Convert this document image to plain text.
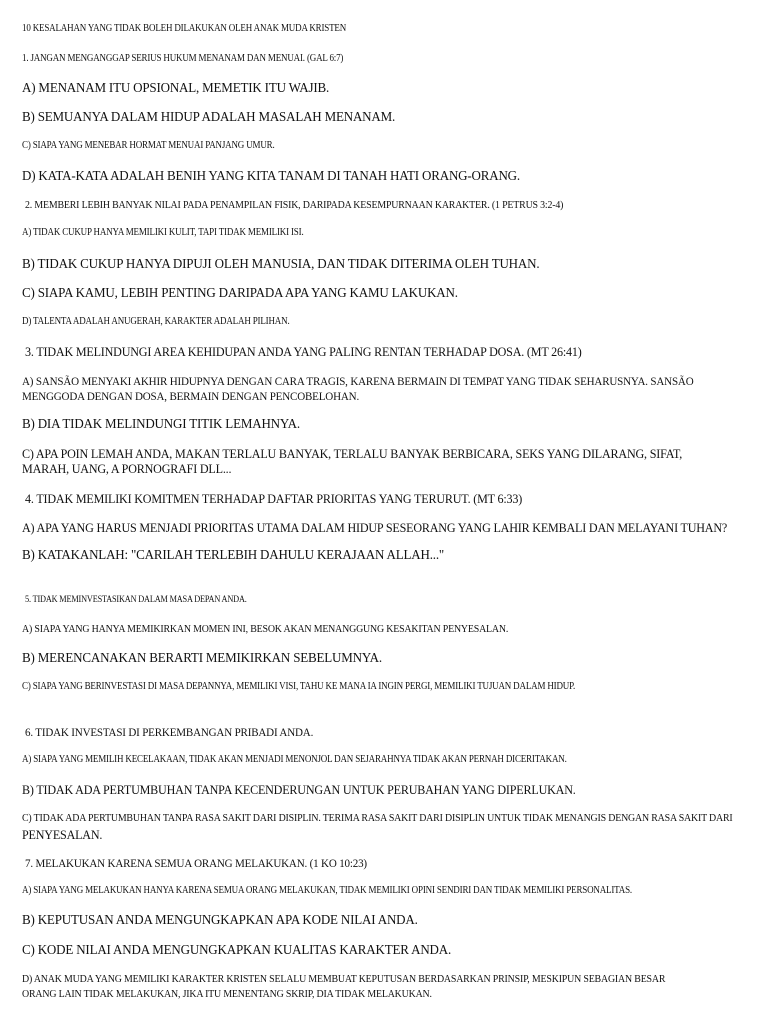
10 KESALAHAN YANG TIDAK BOLEH DILAKUKAN OLEH ANAK MUDA KRISTEN

1. JANGAN MENGANGGAP SERIUS HUKUM MENANAM DAN MENUAI. (GAL 6:7)

A) MENANAM ITU OPSIONAL, MEMETIK ITU WAJIB.

B) SEMUANYA DALAM HIDUP ADALAH MASALAH MENANAM.

C) SIAPA YANG MENEBAR HORMAT MENUAI PANJANG UMUR.

D) KATA-KATA ADALAH BENIH YANG KITA TANAM DI TANAH HATI ORANG-ORANG.

2. MEMBERI LEBIH BANYAK NILAI PADA PENAMPILAN FISIK, DARIPADA KESEMPURNAAN KARAKTER. (1 PETRUS 3:2-4)

A) TIDAK CUKUP HANYA MEMILIKI KULIT, TAPI TIDAK MEMILIKI ISI.

B) TIDAK CUKUP HANYA DIPUJI OLEH MANUSIA, DAN TIDAK DITERIMA OLEH TUHAN.

C) SIAPA KAMU, LEBIH PENTING DARIPADA APA YANG KAMU LAKUKAN.

D) TALENTA ADALAH ANUGERAH, KARAKTER ADALAH PILIHAN.

3. TIDAK MELINDUNGI AREA KEHIDUPAN ANDA YANG PALING RENTAN TERHADAP DOSA. (MT 26:41)

A) SANSÃO MENYAKI AKHIR HIDUPNYA DENGAN CARA TRAGIS, KARENA BERMAIN DI TEMPAT YANG TIDAK SEHARUSNYA. SANSÃO MENGGODA DENGAN DOSA, BERMAIN DENGAN PENCOBELOHAN.

B) DIA TIDAK MELINDUNGI TITIK LEMAHNYA.

C) APA POIN LEMAH ANDA, MAKAN TERLALU BANYAK, TERLALU BANYAK BERBICARA, SEKS YANG DILARANG, SIFAT, MARAH, UANG, A PORNOGRAFI DLL...

4. TIDAK MEMILIKI KOMITMEN TERHADAP DAFTAR PRIORITAS YANG TERURUT. (MT 6:33)

A) APA YANG HARUS MENJADI PRIORITAS UTAMA DALAM HIDUP SESEORANG YANG LAHIR KEMBALI DAN MELAYANI TUHAN?

B) KATAKANLAH: "CARILAH TERLEBIH DAHULU KERAJAAN ALLAH..."

5. TIDAK MEMINVESTASIKAN DALAM MASA DEPAN ANDA.

A) SIAPA YANG HANYA MEMIKIRKAN MOMEN INI, BESOK AKAN MENANGGUNG KESAKITAN PENYESALAN.

B) MERENCANAKAN BERARTI MEMIKIRKAN SEBELUMNYA.

C) SIAPA YANG BERINVESTASI DI MASA DEPANNYA, MEMILIKI VISI, TAHU KE MANA IA INGIN PERGI, MEMILIKI TUJUAN DALAM HIDUP.

6. TIDAK INVESTASI DI PERKEMBANGAN PRIBADI ANDA.

A) SIAPA YANG MEMILIH KECELAKAAN, TIDAK AKAN MENJADI MENONJOL DAN SEJARAHNYA TIDAK AKAN PERNAH DICERITAKAN.

B) TIDAK ADA PERTUMBUHAN TANPA KECENDERUNGAN UNTUK PERUBAHAN YANG DIPERLUKAN.

C) TIDAK ADA PERTUMBUHAN TANPA RASA SAKIT DARI DISIPLIN. TERIMA RASA SAKIT DARI DISIPLIN UNTUK TIDAK MENANGIS DENGAN RASA SAKIT DARI

PENYESALAN.

7. MELAKUKAN KARENA SEMUA ORANG MELAKUKAN. (1 KO 10:23)

A) SIAPA YANG MELAKUKAN HANYA KARENA SEMUA ORANG MELAKUKAN, TIDAK MEMILIKI OPINI SENDIRI DAN TIDAK MEMILIKI PERSONALITAS.

B) KEPUTUSAN ANDA MENGUNGKAPKAN APA KODE NILAI ANDA.

C) KODE NILAI ANDA MENGUNGKAPKAN KUALITAS KARAKTER ANDA.

D) ANAK MUDA YANG MEMILIKI KARAKTER KRISTEN SELALU MEMBUAT KEPUTUSAN BERDASARKAN PRINSIP, MESKIPUN SEBAGIAN BESAR ORANG LAIN TIDAK MELAKUKAN, JIKA ITU MENENTANG SKRIP, DIA TIDAK MELAKUKAN.
